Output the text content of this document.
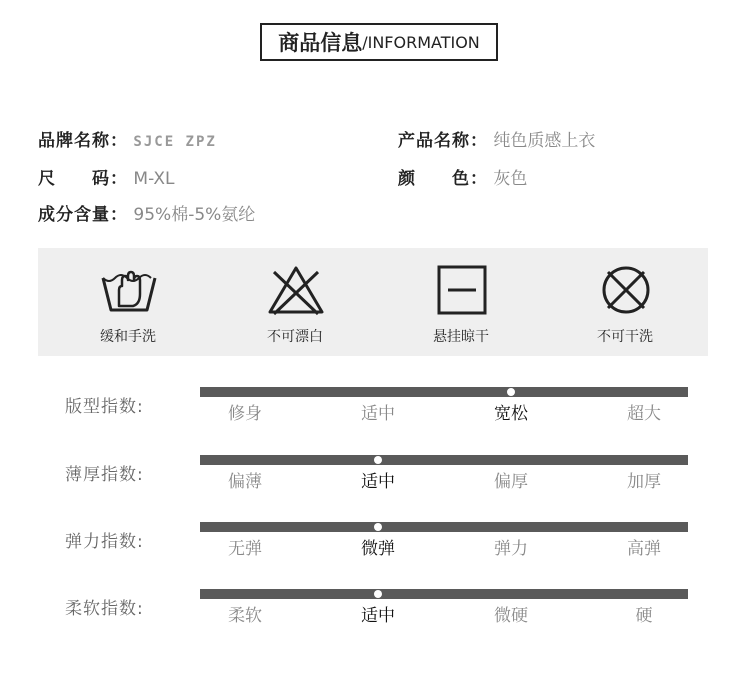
商品信息 /INFORMATION
品牌名称： SJCE ZPZ	产品名称： 纯色质感上衣
尺　　码： M-XL	颜　　色： 灰色
成分含量： 95%棉-5%氨纶
缓和手洗	不可漂白	悬挂晾干	不可干洗
版型指数:	修身	适中	宽松	超大
薄厚指数:	偏薄	适中	偏厚	加厚
弹力指数:	无弹	微弹	弹力	高弹
柔软指数:	柔软	适中	微硬	硬
